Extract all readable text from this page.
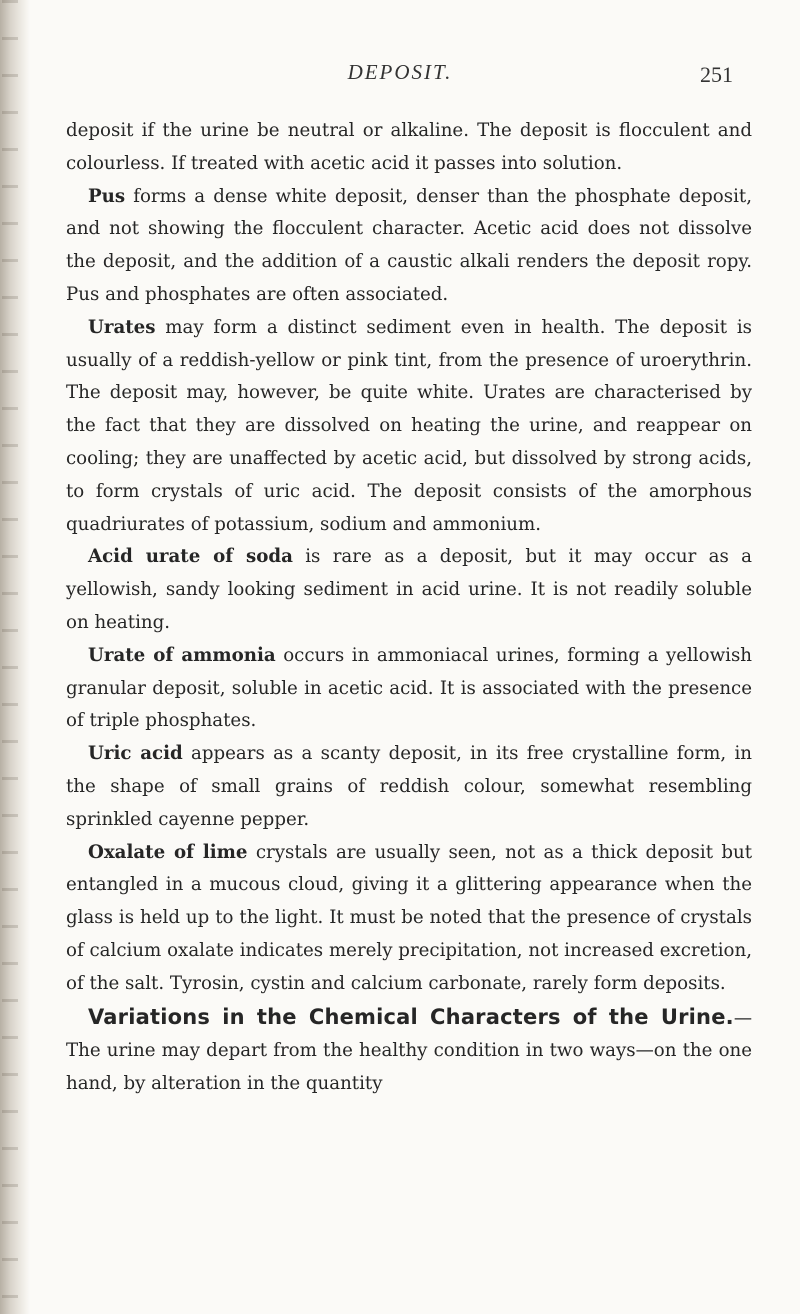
DEPOSIT.	251

deposit if the urine be neutral or alkaline. The deposit is flocculent and colourless. If treated with acetic acid it passes into solution.

Pus forms a dense white deposit, denser than the phosphate deposit, and not showing the flocculent character. Acetic acid does not dissolve the deposit, and the addition of a caustic alkali renders the deposit ropy. Pus and phosphates are often associated.

Urates may form a distinct sediment even in health. The deposit is usually of a reddish-yellow or pink tint, from the presence of uroerythrin. The deposit may, however, be quite white. Urates are characterised by the fact that they are dissolved on heating the urine, and reappear on cooling; they are unaffected by acetic acid, but dissolved by strong acids, to form crystals of uric acid. The deposit consists of the amorphous quadriurates of potassium, sodium and ammonium.

Acid urate of soda is rare as a deposit, but it may occur as a yellowish, sandy looking sediment in acid urine. It is not readily soluble on heating.

Urate of ammonia occurs in ammoniacal urines, forming a yellowish granular deposit, soluble in acetic acid. It is associated with the presence of triple phosphates.

Uric acid appears as a scanty deposit, in its free crystalline form, in the shape of small grains of reddish colour, somewhat resembling sprinkled cayenne pepper.

Oxalate of lime crystals are usually seen, not as a thick deposit but entangled in a mucous cloud, giving it a glittering appearance when the glass is held up to the light. It must be noted that the presence of crystals of calcium oxalate indicates merely precipitation, not increased excretion, of the salt. Tyrosin, cystin and calcium carbonate, rarely form deposits.

Variations in the Chemical Characters of the Urine.—The urine may depart from the healthy condition in two ways—on the one hand, by alteration in the quantity
